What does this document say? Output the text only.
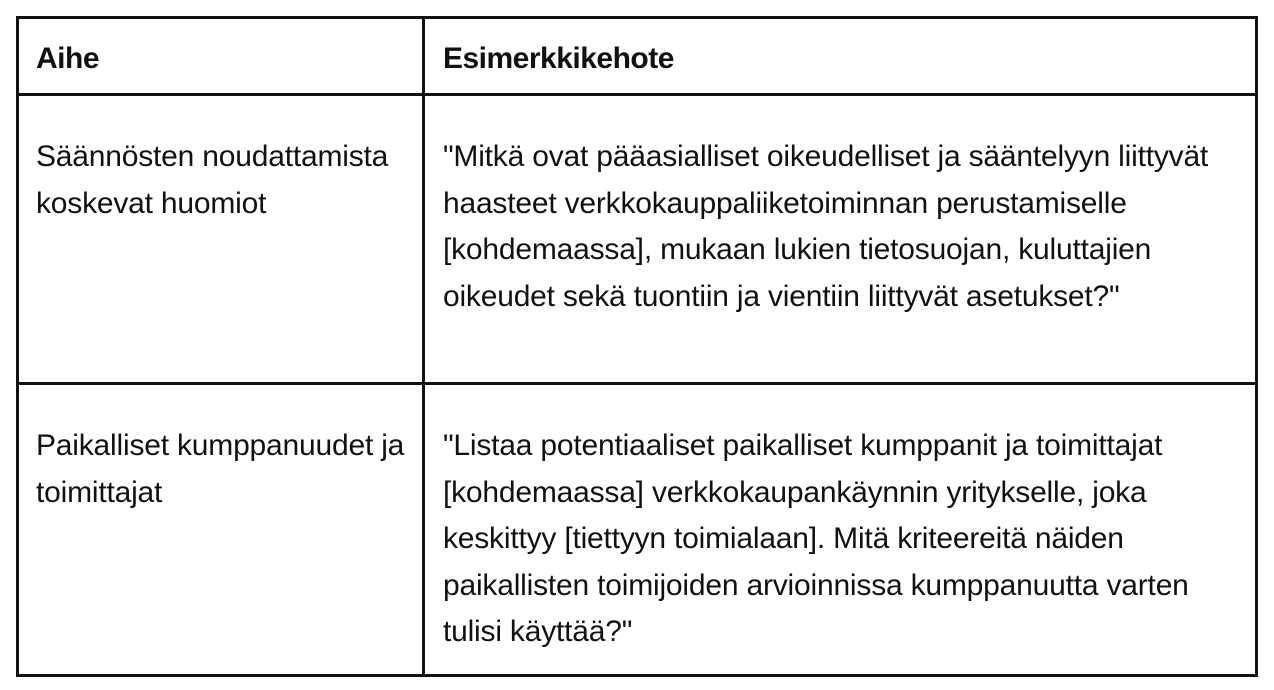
Aihe	Esimerkkikehote

Säännösten noudattamista koskevat huomiot	"Mitkä ovat pääasialliset oikeudelliset ja sääntelyyn liittyvät haasteet verkkokauppaliiketoiminnan perustamiselle [kohdemaassa], mukaan lukien tietosuojan, kuluttajien oikeudet sekä tuontiin ja vientiin liittyvät asetukset?"

Paikalliset kumppanuudet ja toimittajat	"Listaa potentiaaliset paikalliset kumppanit ja toimittajat [kohdemaassa] verkkokaupankäynnin yritykselle, joka keskittyy [tiettyyn toimialaan]. Mitä kriteereitä näiden paikallisten toimijoiden arvioinnissa kumppanuutta varten tulisi käyttää?"
